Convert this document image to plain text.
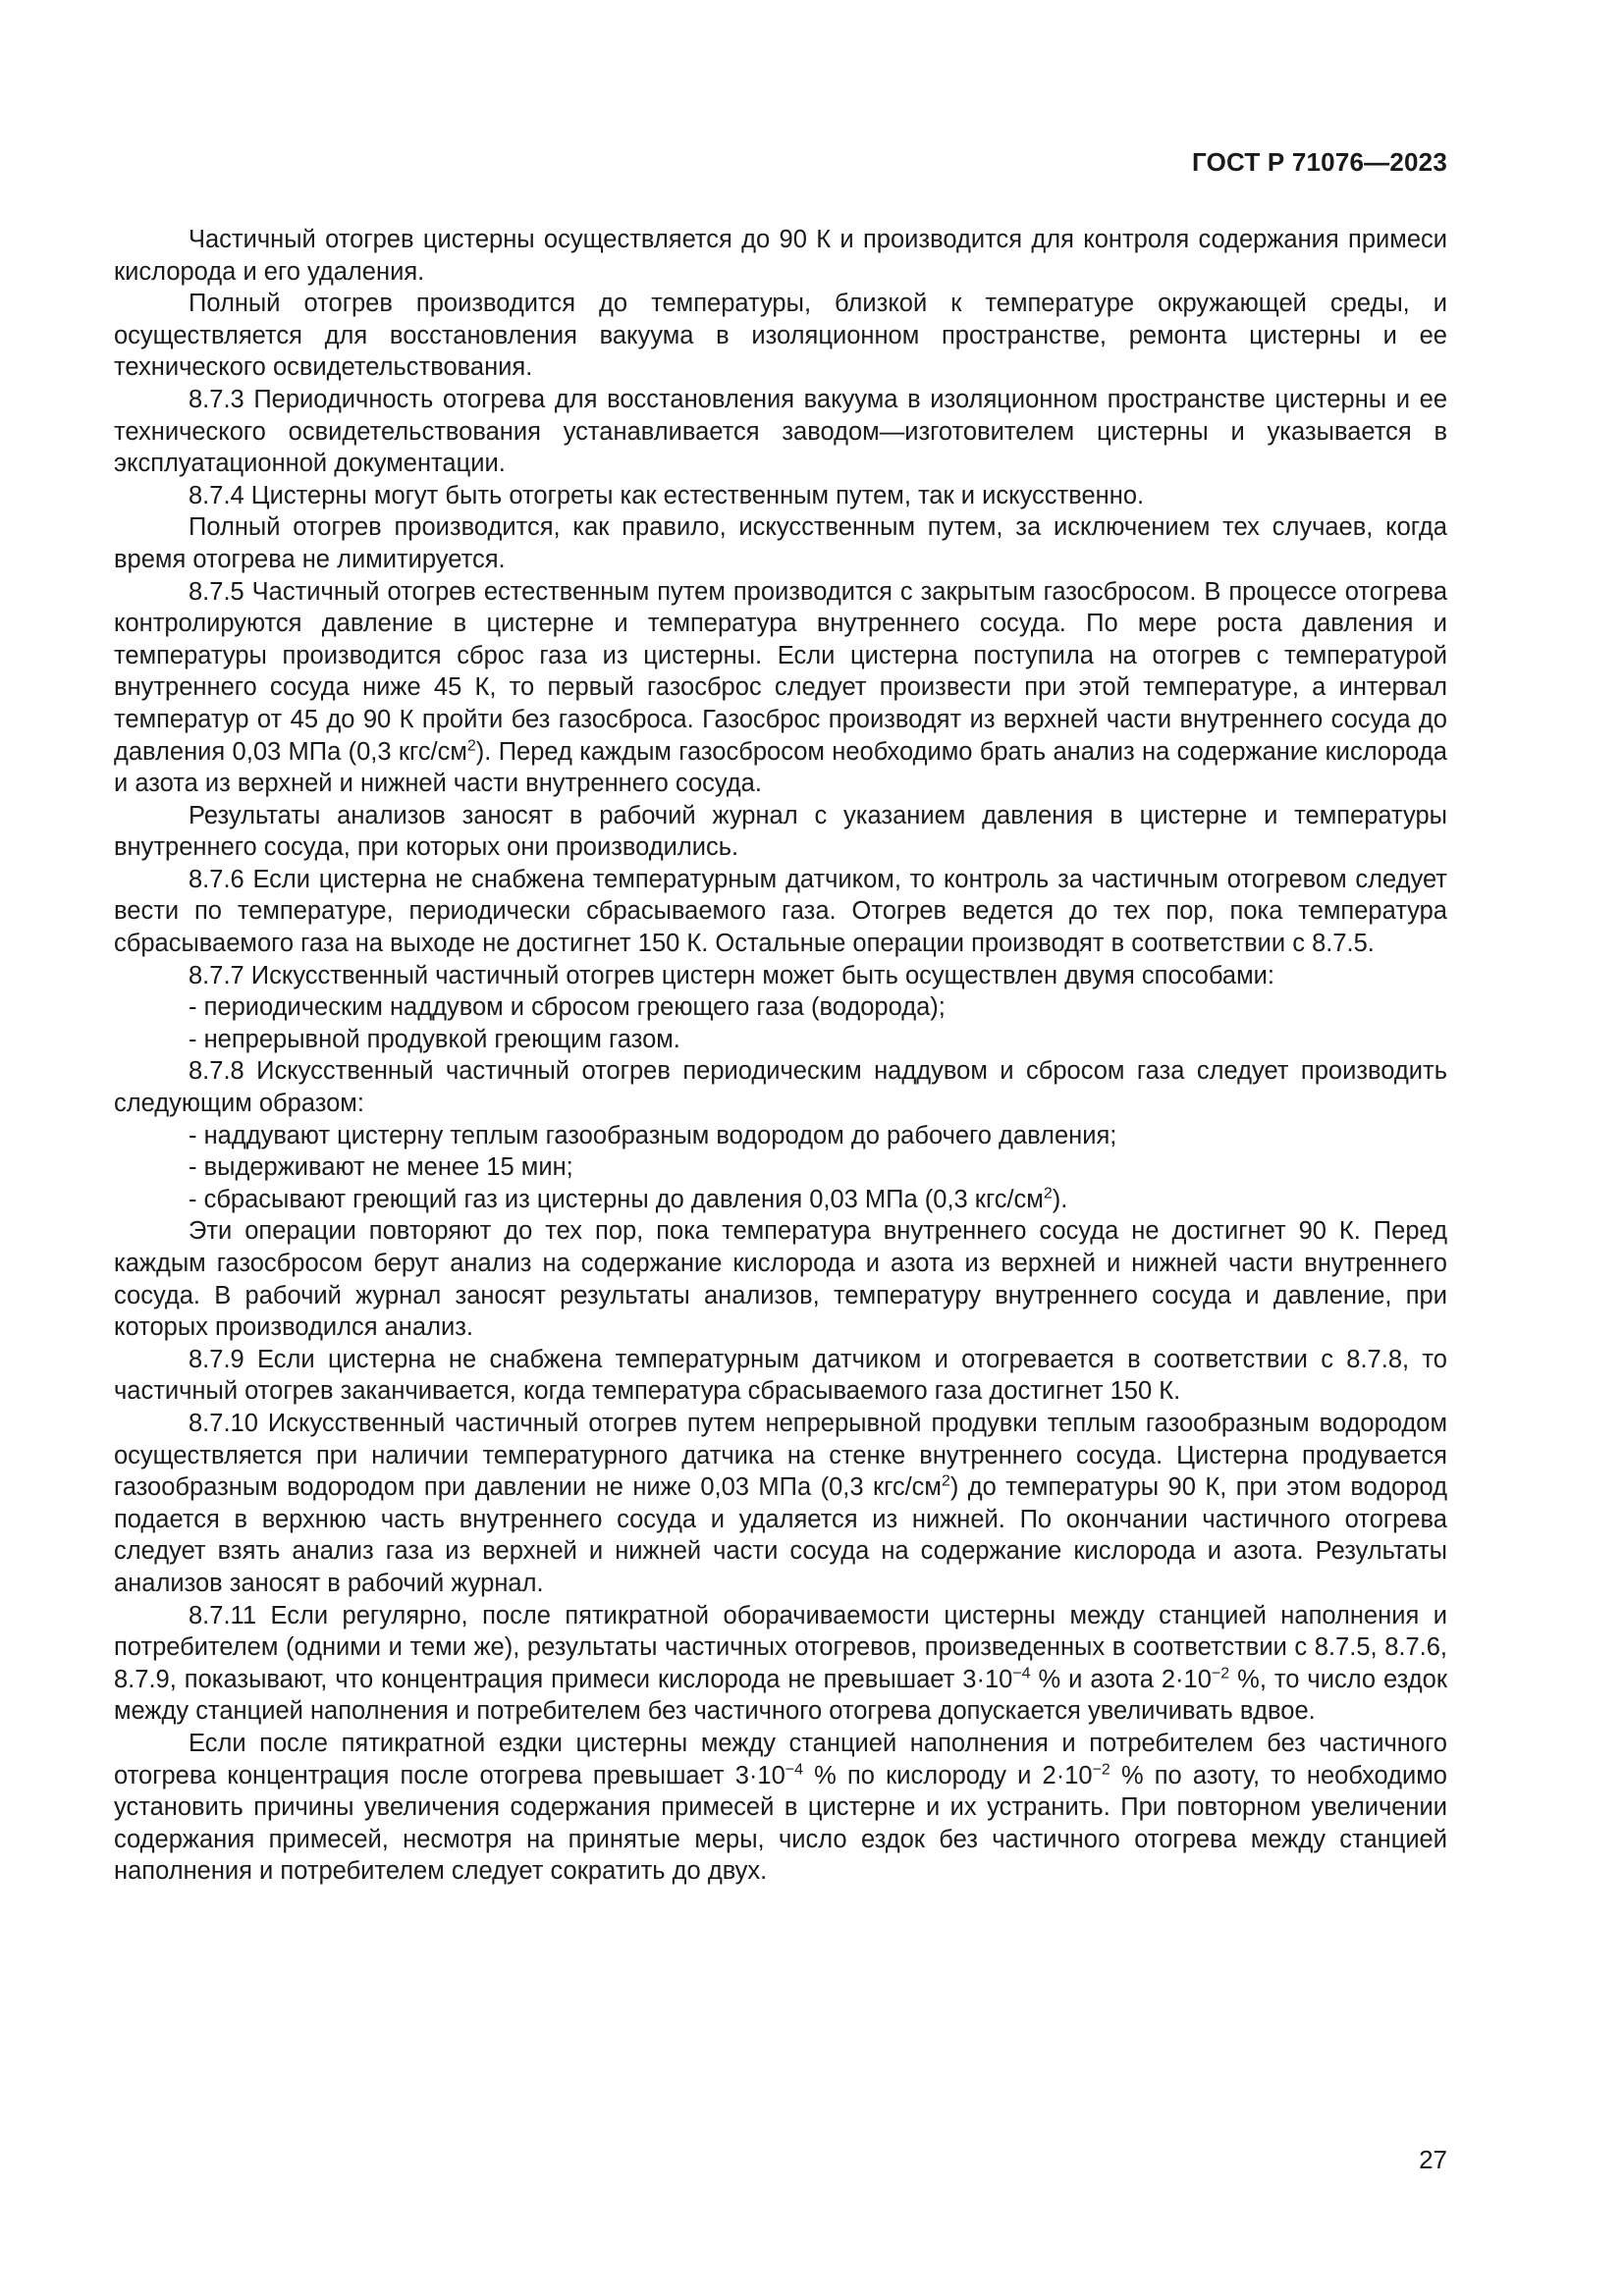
ГОСТ Р 71076—2023

Частичный отогрев цистерны осуществляется до 90 К и производится для контроля содержания примеси кислорода и его удаления.

Полный отогрев производится до температуры, близкой к температуре окружающей среды, и осуществляется для восстановления вакуума в изоляционном пространстве, ремонта цистерны и ее технического освидетельствования.

8.7.3 Периодичность отогрева для восстановления вакуума в изоляционном пространстве цистерны и ее технического освидетельствования устанавливается заводом—изготовителем цистерны и указывается в эксплуатационной документации.

8.7.4 Цистерны могут быть отогреты как естественным путем, так и искусственно.

Полный отогрев производится, как правило, искусственным путем, за исключением тех случаев, когда время отогрева не лимитируется.

8.7.5 Частичный отогрев естественным путем производится с закрытым газосбросом. В процессе отогрева контролируются давление в цистерне и температура внутреннего сосуда. По мере роста давления и температуры производится сброс газа из цистерны. Если цистерна поступила на отогрев с температурой внутреннего сосуда ниже 45 К, то первый газосброс следует произвести при этой температуре, а интервал температур от 45 до 90 К пройти без газосброса. Газосброс производят из верхней части внутреннего сосуда до давления 0,03 МПа (0,3 кгс/$см^2$). Перед каждым газосбросом необходимо брать анализ на содержание кислорода и азота из верхней и нижней части внутреннего сосуда.

Результаты анализов заносят в рабочий журнал с указанием давления в цистерне и температуры внутреннего сосуда, при которых они производились.

8.7.6 Если цистерна не снабжена температурным датчиком, то контроль за частичным отогревом следует вести по температуре, периодически сбрасываемого газа. Отогрев ведется до тех пор, пока температура сбрасываемого газа на выходе не достигнет 150 К. Остальные операции производят в соответствии с 8.7.5.

8.7.7 Искусственный частичный отогрев цистерн может быть осуществлен двумя способами:

- периодическим наддувом и сбросом греющего газа (водорода);

- непрерывной продувкой греющим газом.

8.7.8 Искусственный частичный отогрев периодическим наддувом и сбросом газа следует производить следующим образом:

- наддувают цистерну теплым газообразным водородом до рабочего давления;

- выдерживают не менее 15 мин;

- сбрасывают греющий газ из цистерны до давления 0,03 МПа (0,3 кгс/$см^2$).

Эти операции повторяют до тех пор, пока температура внутреннего сосуда не достигнет 90 К. Перед каждым газосбросом берут анализ на содержание кислорода и азота из верхней и нижней части внутреннего сосуда. В рабочий журнал заносят результаты анализов, температуру внутреннего сосуда и давление, при которых производился анализ.

8.7.9 Если цистерна не снабжена температурным датчиком и отогревается в соответствии с 8.7.8, то частичный отогрев заканчивается, когда температура сбрасываемого газа достигнет 150 К.

8.7.10 Искусственный частичный отогрев путем непрерывной продувки теплым газообразным водородом осуществляется при наличии температурного датчика на стенке внутреннего сосуда. Цистерна продувается газообразным водородом при давлении не ниже 0,03 МПа (0,3 кгс/$см^2$) до температуры 90 К, при этом водород подается в верхнюю часть внутреннего сосуда и удаляется из нижней. По окончании частичного отогрева следует взять анализ газа из верхней и нижней части сосуда на содержание кислорода и азота. Результаты анализов заносят в рабочий журнал.

8.7.11 Если регулярно, после пятикратной оборачиваемости цистерны между станцией наполнения и потребителем (одними и теми же), результаты частичных отогревов, произведенных в соответствии с 8.7.5, 8.7.6, 8.7.9, показывают, что концентрация примеси кислорода не превышает $3\cdot 10^{-4}$ % и азота $2\cdot 10^{-2}$ %, то число ездок между станцией наполнения и потребителем без частичного отогрева допускается увеличивать вдвое.

Если после пятикратной ездки цистерны между станцией наполнения и потребителем без частичного отогрева концентрация после отогрева превышает $3\cdot 10^{-4}$ % по кислороду и $2\cdot 10^{-2}$ % по азоту, то необходимо установить причины увеличения содержания примесей в цистерне и их устранить. При повторном увеличении содержания примесей, несмотря на принятые меры, число ездок без частичного отогрева между станцией наполнения и потребителем следует сократить до двух.

27
